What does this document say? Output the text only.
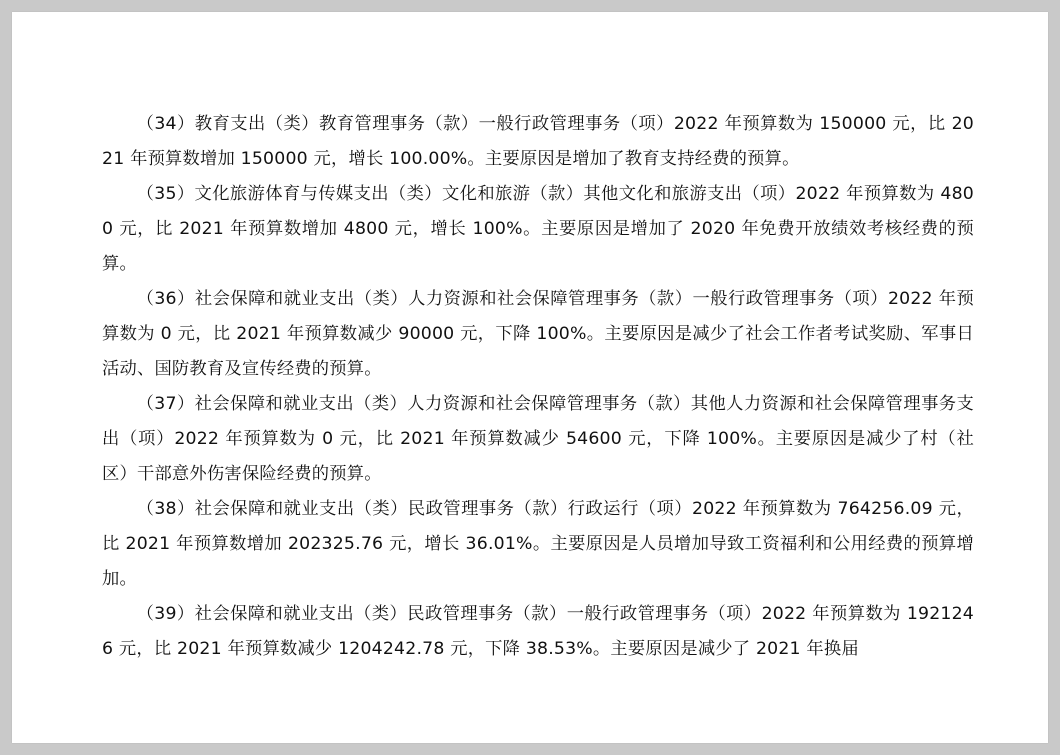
（34）教育支出（类）教育管理事务（款）一般行政管理事务（项）2022 年预算数为 150000 元，比 2021 年预算数增加 150000 元，增长 100.00%。主要原因是增加了教育支持经费的预算。

（35）文化旅游体育与传媒支出（类）文化和旅游（款）其他文化和旅游支出（项）2022 年预算数为 4800 元，比 2021 年预算数增加 4800 元，增长 100%。主要原因是增加了 2020 年免费开放绩效考核经费的预算。

（36）社会保障和就业支出（类）人力资源和社会保障管理事务（款）一般行政管理事务（项）2022 年预算数为 0 元，比 2021 年预算数减少 90000 元，下降 100%。主要原因是减少了社会工作者考试奖励、军事日活动、国防教育及宣传经费的预算。

（37）社会保障和就业支出（类）人力资源和社会保障管理事务（款）其他人力资源和社会保障管理事务支出（项）2022 年预算数为 0 元，比 2021 年预算数减少 54600 元，下降 100%。主要原因是减少了村（社区）干部意外伤害保险经费的预算。

（38）社会保障和就业支出（类）民政管理事务（款）行政运行（项）2022 年预算数为 764256.09 元，比 2021 年预算数增加 202325.76 元，增长 36.01%。主要原因是人员增加导致工资福利和公用经费的预算增加。

（39）社会保障和就业支出（类）民政管理事务（款）一般行政管理事务（项）2022 年预算数为 1921246 元，比 2021 年预算数减少 1204242.78 元，下降 38.53%。主要原因是减少了 2021 年换届
